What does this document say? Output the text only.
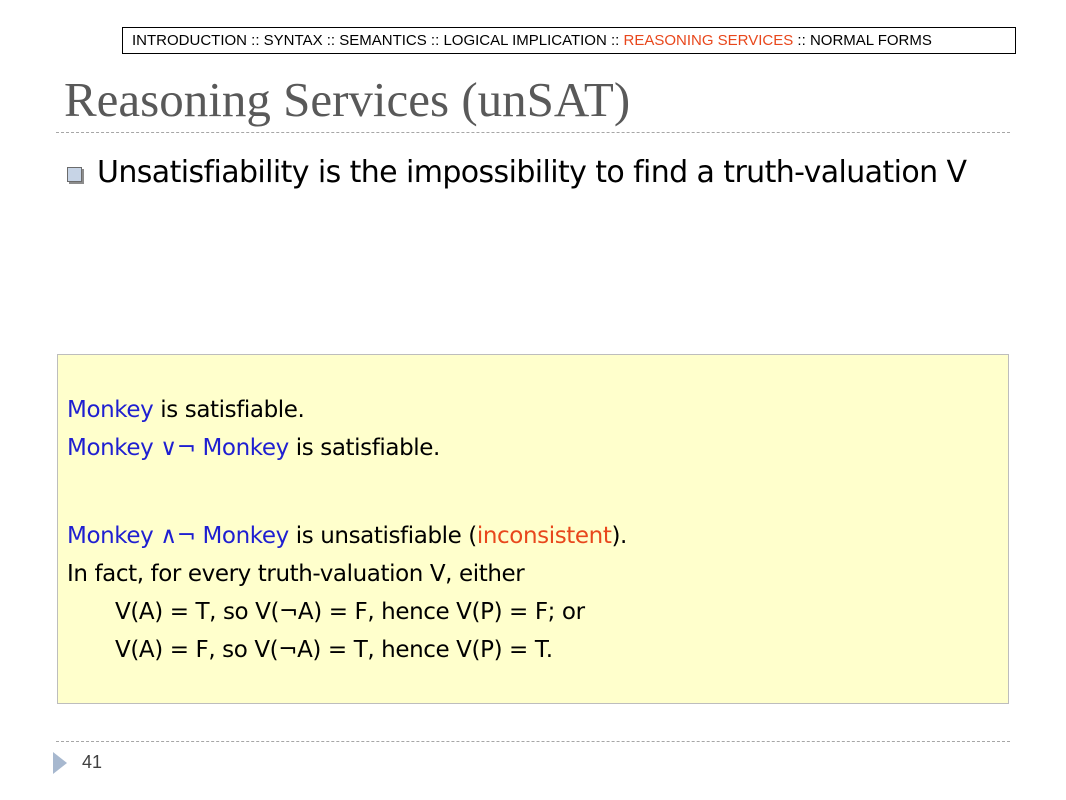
INTRODUCTION :: SYNTAX :: SEMANTICS :: LOGICAL IMPLICATION :: REASONING SERVICES :: NORMAL FORMS
Reasoning Services (unSAT)
Unsatisfiability is the impossibility to find a truth-valuation V
Monkey is satisfiable.
Monkey ∨¬ Monkey is satisfiable.
Monkey ∧¬ Monkey is unsatisfiable (inconsistent).
In fact, for every truth-valuation V, either
V(A) = T, so V(¬A) = F, hence V(P) = F; or
V(A) = F, so V(¬A) = T, hence V(P) = T.
41
